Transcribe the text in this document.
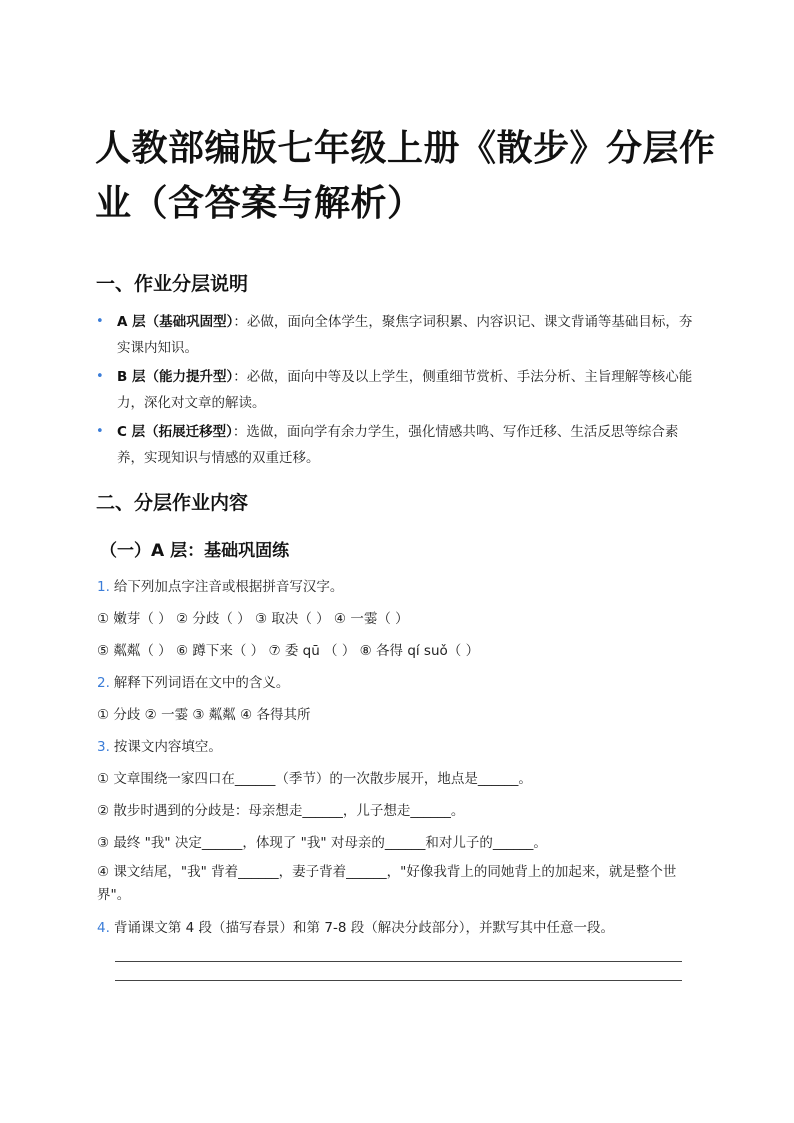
人教部编版七年级上册《散步》分层作
业（含答案与解析）
一、作业分层说明
• A 层（基础巩固型）：必做，面向全体学生，聚焦字词积累、内容识记、课文背诵等基础目标，夯实课内知识。
• B 层（能力提升型）：必做，面向中等及以上学生，侧重细节赏析、手法分析、主旨理解等核心能力，深化对文章的解读。
• C 层（拓展迁移型）：选做，面向学有余力学生，强化情感共鸣、写作迁移、生活反思等综合素养，实现知识与情感的双重迁移。
二、分层作业内容
（一）A 层：基础巩固练
1. 给下列加点字注音或根据拼音写汉字。
① 嫩芽（ ） ② 分歧（ ） ③ 取决（ ） ④ 一霎（ ）
⑤ 粼粼（ ） ⑥ 蹲下来（ ） ⑦ 委 qū （ ） ⑧ 各得 qí suǒ（ ）
2. 解释下列词语在文中的含义。
① 分歧 ② 一霎 ③ 粼粼 ④ 各得其所
3. 按课文内容填空。
① 文章围绕一家四口在______（季节）的一次散步展开，地点是______。
② 散步时遇到的分歧是：母亲想走______，儿子想走______。
③ 最终 "我" 决定______，体现了 "我" 对母亲的______和对儿子的______。
④ 课文结尾，"我" 背着______，妻子背着______，"好像我背上的同她背上的加起来，就是整个世界"。
4. 背诵课文第 4 段（描写春景）和第 7-8 段（解决分歧部分），并默写其中任意一段。
